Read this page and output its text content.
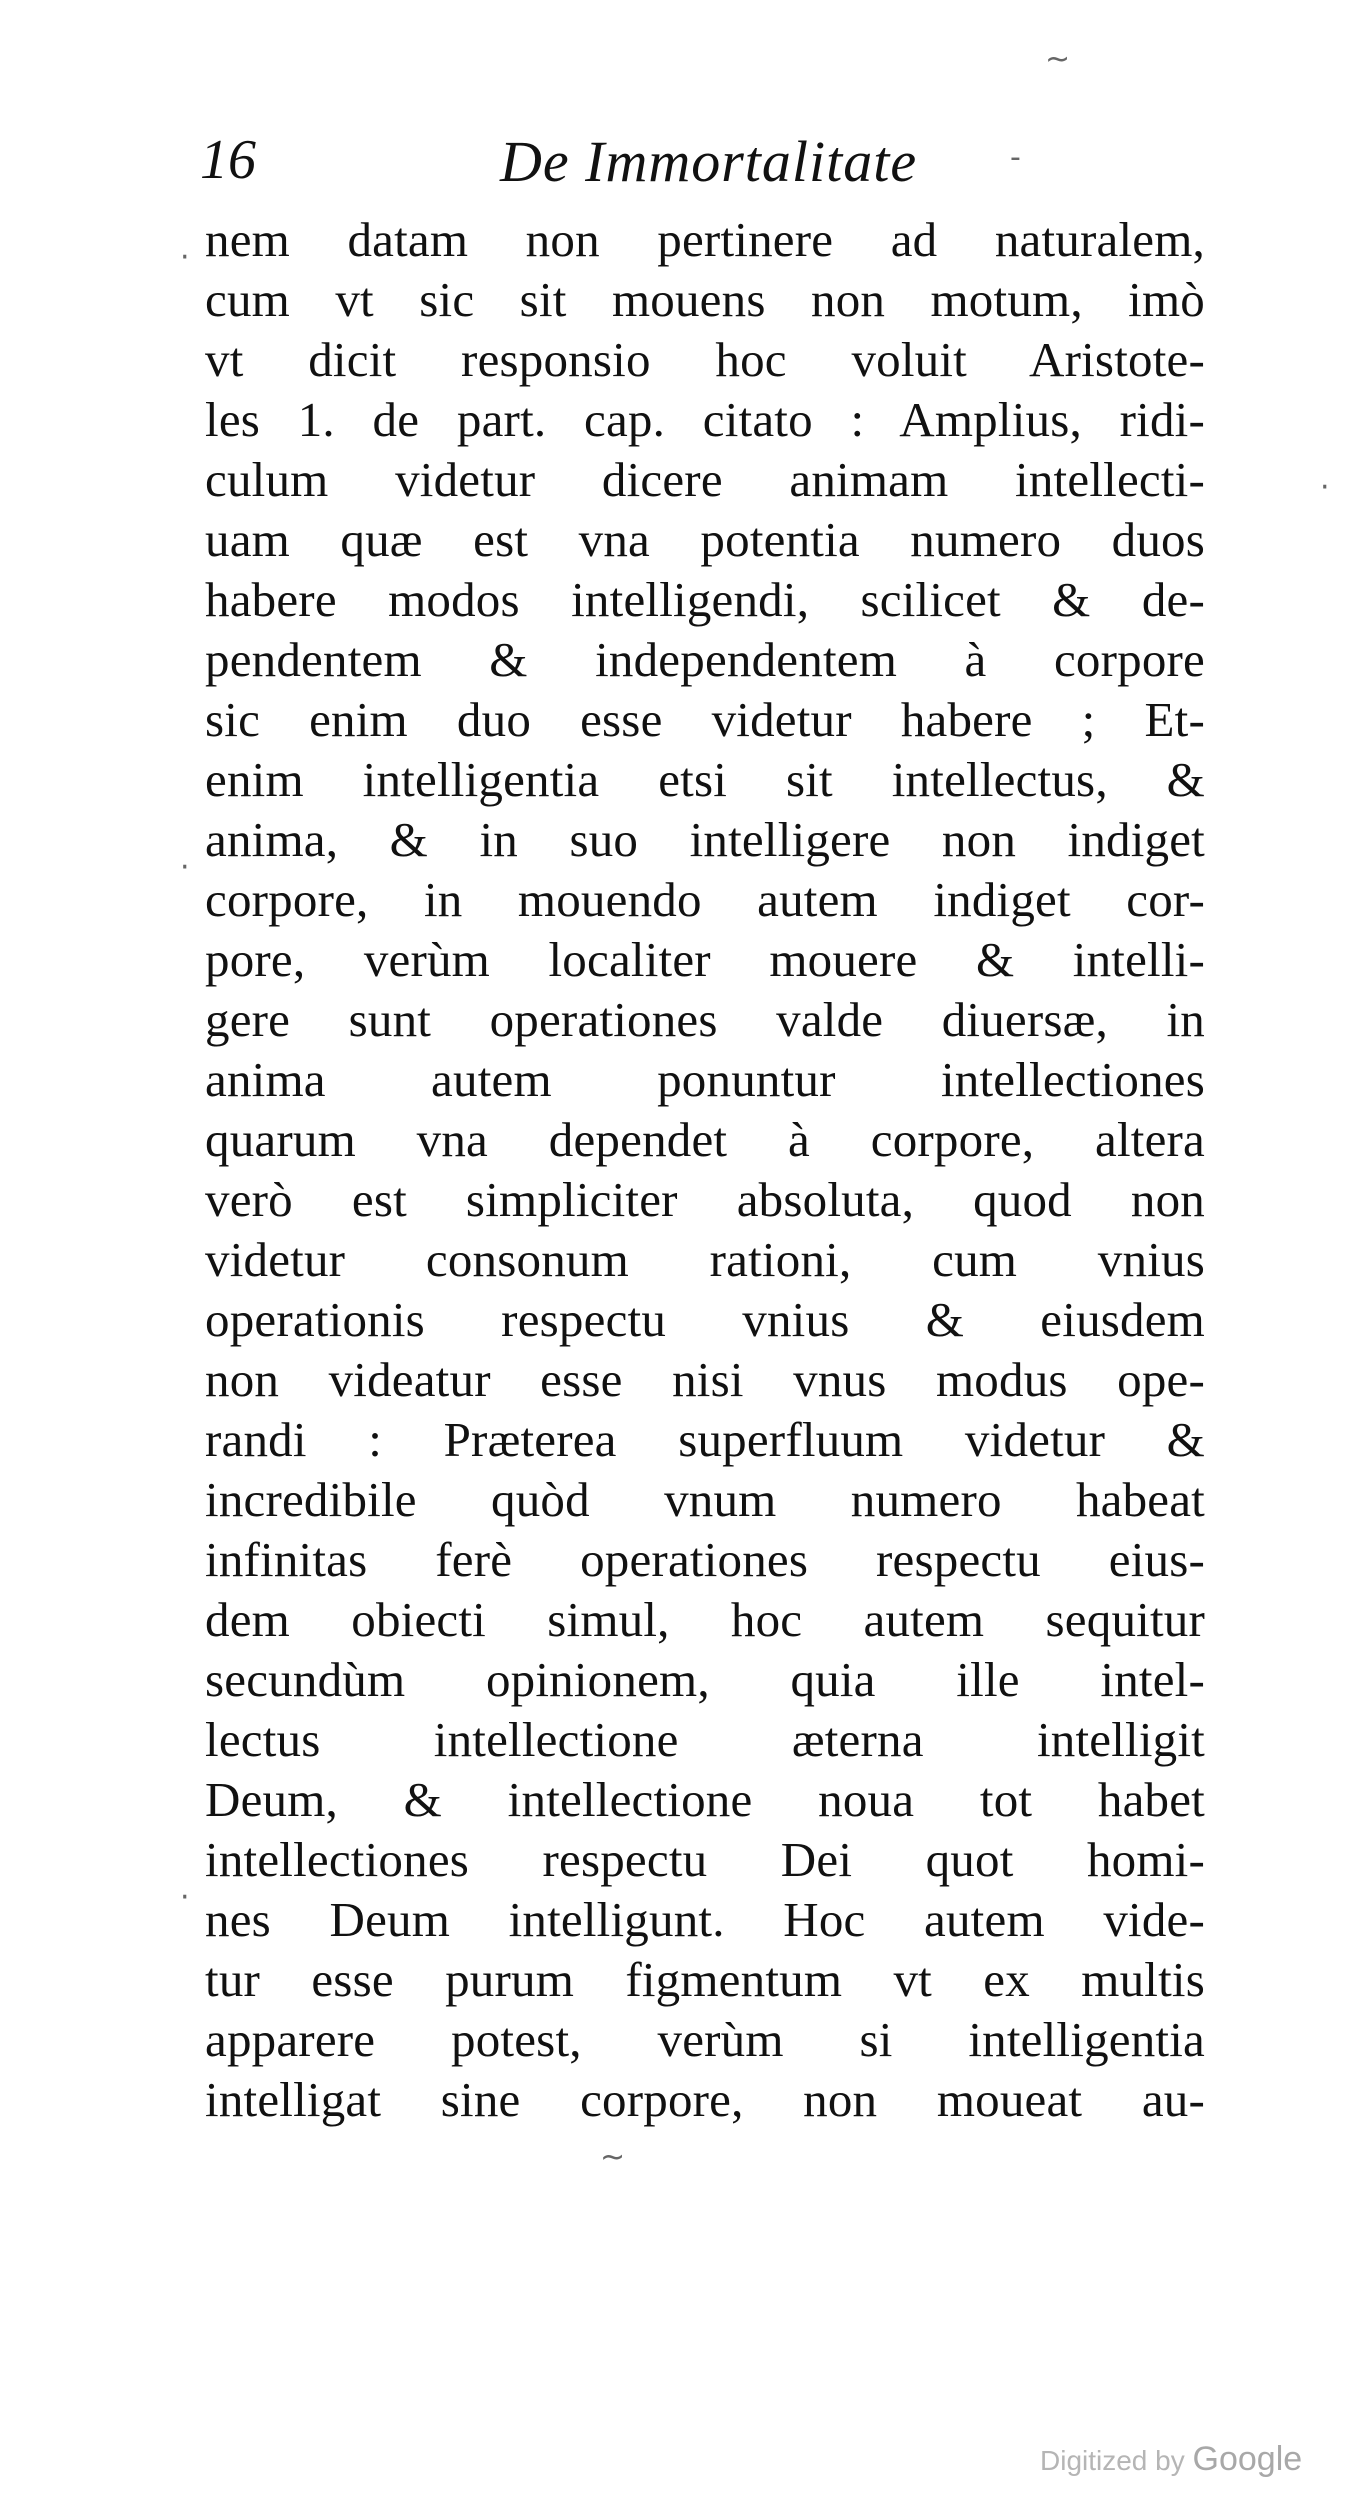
16	De Immortalitate
~
-
·
·
·
·
nem datam non pertinere ad naturalem,
cum vt sic sit mouens non motum, imò
vt dicit responsio hoc voluit Aristote-
les 1. de part. cap. citato : Amplius, ridi-
culum videtur dicere animam intellecti-
uam quæ est vna potentia numero duos
habere modos intelligendi, scilicet & de-
pendentem & independentem à corpore
sic enim duo esse videtur habere ; Et-
enim intelligentia etsi sit intellectus, &
anima, & in suo intelligere non indiget
corpore, in mouendo autem indiget cor-
pore, verùm localiter mouere & intelli-
gere sunt operationes valde diuersæ, in
anima autem ponuntur intellectiones
quarum vna dependet à corpore, altera
verò est simpliciter absoluta, quod non
videtur consonum rationi, cum vnius
operationis respectu vnius & eiusdem
non videatur esse nisi vnus modus ope-
randi : Præterea superfluum videtur &
incredibile quòd vnum numero habeat
infinitas ferè operationes respectu eius-
dem obiecti simul, hoc autem sequitur
secundùm opinionem, quia ille intel-
lectus intellectione æterna intelligit
Deum, & intellectione noua tot habet
intellectiones respectu Dei quot homi-
nes Deum intelligunt. Hoc autem vide-
tur esse purum figmentum vt ex multis
apparere potest, verùm si intelligentia
intelligat sine corpore, non moueat au-
~
Digitized by Google
